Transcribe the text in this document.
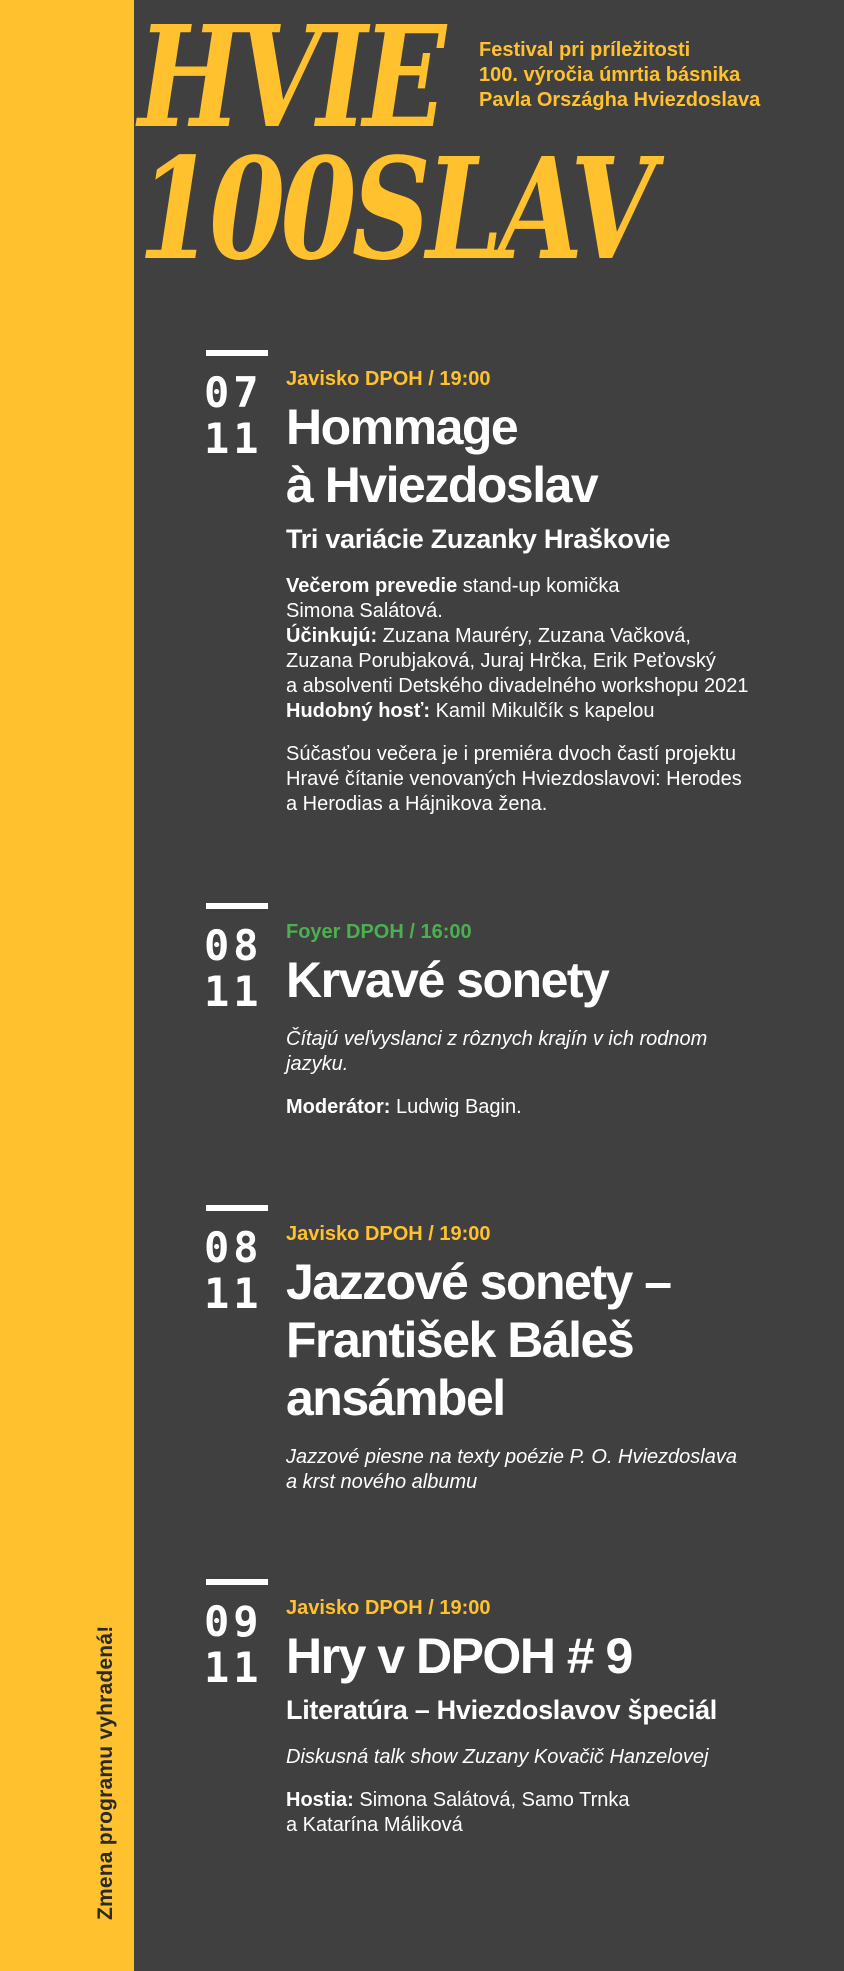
Zmena programu vyhradená!
HVIE
100SLAV
Festival pri príležitosti
100. výročia úmrtia básnika
Pavla Országha Hviezdoslava
07
11
Javisko DPOH / 19:00
Hommage
à Hviezdoslav
Tri variácie Zuzanky Hraškovie
Večerom prevedie stand-up komička
Simona Salátová.
Účinkujú: Zuzana Mauréry, Zuzana Vačková,
Zuzana Porubjaková, Juraj Hrčka, Erik Peťovský
a absolventi Detského divadelného workshopu 2021
Hudobný hosť: Kamil Mikulčík s kapelou
Súčasťou večera je i premiéra dvoch častí projektu
Hravé čítanie venovaných Hviezdoslavovi: Herodes
a Herodias a Hájnikova žena.
08
11
Foyer DPOH / 16:00
Krvavé sonety
Čítajú veľvyslanci z rôznych krajín v ich rodnom
jazyku.
Moderátor: Ludwig Bagin.
08
11
Javisko DPOH / 19:00
Jazzové sonety –
František Báleš
ansámbel
Jazzové piesne na texty poézie P. O. Hviezdoslava
a krst nového albumu
09
11
Javisko DPOH / 19:00
Hry v DPOH # 9
Literatúra – Hviezdoslavov špeciál
Diskusná talk show Zuzany Kovačič Hanzelovej
Hostia: Simona Salátová, Samo Trnka
a Katarína Máliková
